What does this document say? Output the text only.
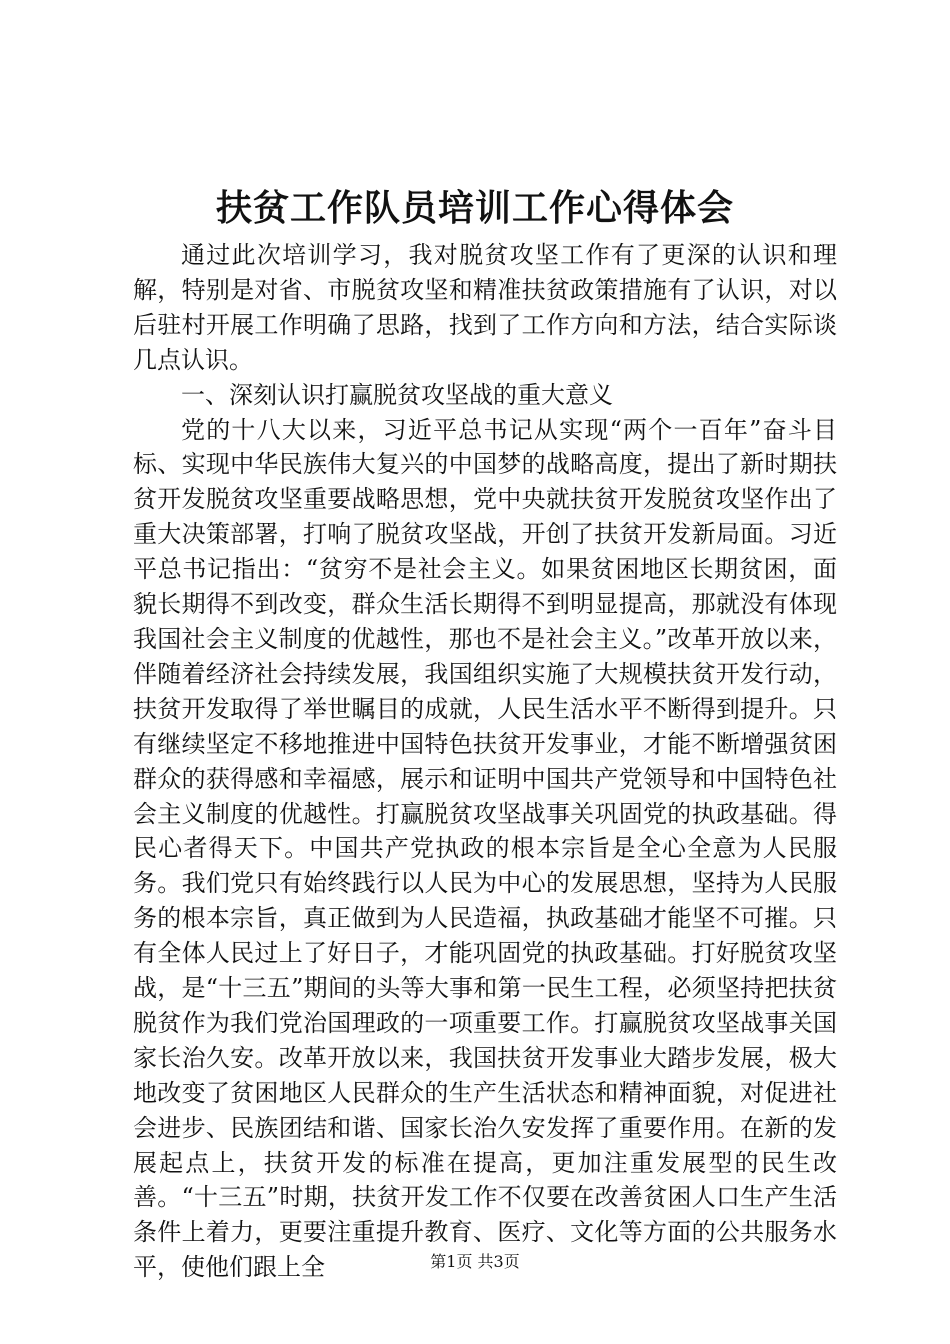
扶贫工作队员培训工作心得体会

通过此次培训学习，我对脱贫攻坚工作有了更深的认识和理解，特别是对省、市脱贫攻坚和精准扶贫政策措施有了认识，对以后驻村开展工作明确了思路，找到了工作方向和方法，结合实际谈几点认识。

一、深刻认识打赢脱贫攻坚战的重大意义

党的十八大以来，习近平总书记从实现“两个一百年”奋斗目标、实现中华民族伟大复兴的中国梦的战略高度，提出了新时期扶贫开发脱贫攻坚重要战略思想，党中央就扶贫开发脱贫攻坚作出了重大决策部署，打响了脱贫攻坚战，开创了扶贫开发新局面。习近平总书记指出：“贫穷不是社会主义。如果贫困地区长期贫困，面貌长期得不到改变，群众生活长期得不到明显提高，那就没有体现我国社会主义制度的优越性，那也不是社会主义。”改革开放以来，伴随着经济社会持续发展，我国组织实施了大规模扶贫开发行动，扶贫开发取得了举世瞩目的成就，人民生活水平不断得到提升。只有继续坚定不移地推进中国特色扶贫开发事业，才能不断增强贫困群众的获得感和幸福感，展示和证明中国共产党领导和中国特色社会主义制度的优越性。打赢脱贫攻坚战事关巩固党的执政基础。得民心者得天下。中国共产党执政的根本宗旨是全心全意为人民服务。我们党只有始终践行以人民为中心的发展思想，坚持为人民服务的根本宗旨，真正做到为人民造福，执政基础才能坚不可摧。只有全体人民过上了好日子，才能巩固党的执政基础。打好脱贫攻坚战，是“十三五”期间的头等大事和第一民生工程，必须坚持把扶贫脱贫作为我们党治国理政的一项重要工作。打赢脱贫攻坚战事关国家长治久安。改革开放以来，我国扶贫开发事业大踏步发展，极大地改变了贫困地区人民群众的生产生活状态和精神面貌，对促进社会进步、民族团结和谐、国家长治久安发挥了重要作用。在新的发展起点上，扶贫开发的标准在提高，更加注重发展型的民生改善。“十三五”时期，扶贫开发工作不仅要在改善贫困人口生产生活条件上着力，更要注重提升教育、医疗、文化等方面的公共服务水平，使他们跟上全	第1页 共3页
